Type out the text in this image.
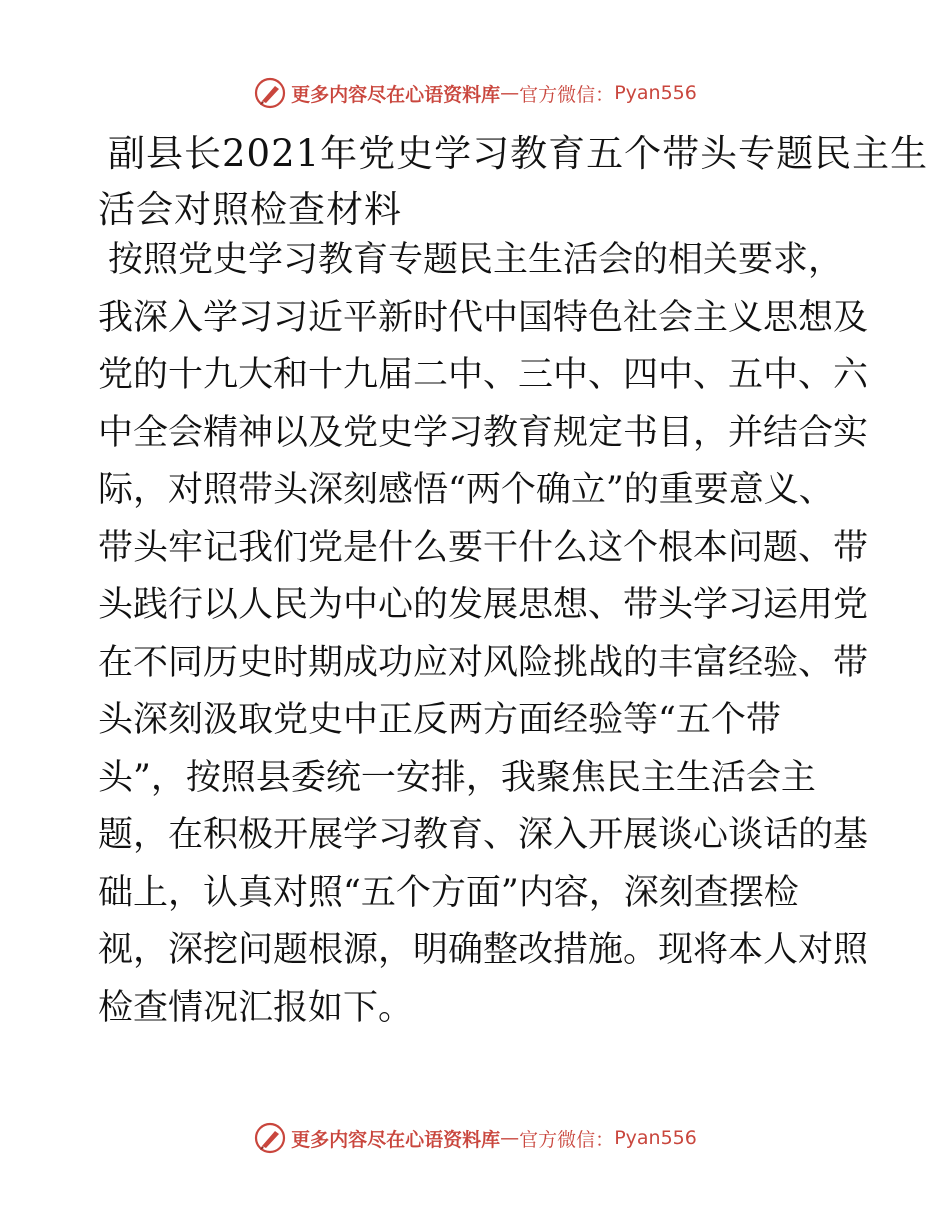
更多内容尽在心语资料库 — 官方微信： Pyan556
副县长2021年党史学习教育五个带头专题民主生
活会对照检查材料
按照党史学习教育专题民主生活会的相关要求，
我深入学习习近平新时代中国特色社会主义思想及
党的十九大和十九届二中、三中、四中、五中、六
中全会精神以及党史学习教育规定书目，并结合实
际，对照带头深刻感悟“两个确立”的重要意义、
带头牢记我们党是什么要干什么这个根本问题、带
头践行以人民为中心的发展思想、带头学习运用党
在不同历史时期成功应对风险挑战的丰富经验、带
头深刻汲取党史中正反两方面经验等“五个带
头”，按照县委统一安排，我聚焦民主生活会主
题，在积极开展学习教育、深入开展谈心谈话的基
础上，认真对照“五个方面”内容，深刻查摆检
视，深挖问题根源，明确整改措施。现将本人对照
检查情况汇报如下。
更多内容尽在心语资料库 — 官方微信： Pyan556
